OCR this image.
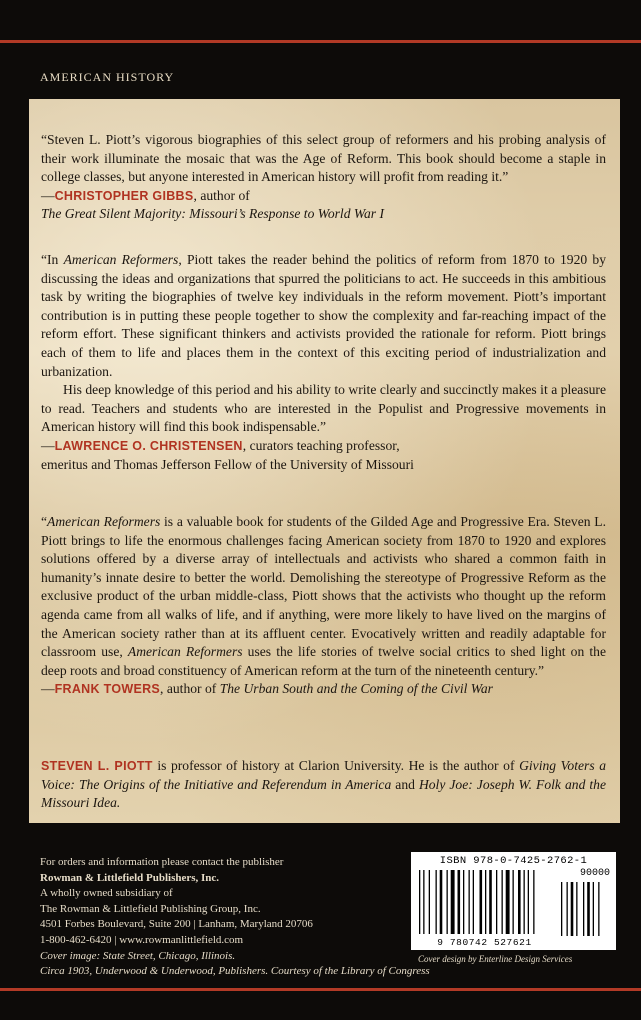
AMERICAN HISTORY

“Steven L. Piott’s vigorous biographies of this select group of reformers and his probing analysis of their work illuminate the mosaic that was the Age of Reform. This book should become a staple in college classes, but anyone interested in American history will profit from reading it.”

—CHRISTOPHER GIBBS, author of

The Great Silent Majority: Missouri’s Response to World War I

“In American Reformers, Piott takes the reader behind the politics of reform from 1870 to 1920 by discussing the ideas and organizations that spurred the politicians to act. He succeeds in this ambitious task by writing the biographies of twelve key individuals in the reform movement. Piott’s important contribution is in putting these people together to show the complexity and far-reaching impact of the reform effort. These significant thinkers and activists provided the rationale for reform. Piott brings each of them to life and places them in the context of this exciting period of industrialization and urbanization.

His deep knowledge of this period and his ability to write clearly and succinctly makes it a pleasure to read. Teachers and students who are interested in the Populist and Progressive movements in American history will find this book indispensable.”

—LAWRENCE O. CHRISTENSEN, curators teaching professor,

emeritus and Thomas Jefferson Fellow of the University of Missouri

“American Reformers is a valuable book for students of the Gilded Age and Progressive Era. Steven L. Piott brings to life the enormous challenges facing American society from 1870 to 1920 and explores solutions offered by a diverse array of intellectuals and activists who shared a common faith in humanity’s innate desire to better the world. Demolishing the stereotype of Progressive Reform as the exclusive product of the urban middle-class, Piott shows that the activists who thought up the reform agenda came from all walks of life, and if anything, were more likely to have lived on the margins of the American society rather than at its affluent center. Evocatively written and readily adaptable for classroom use, American Reformers uses the life stories of twelve social critics to shed light on the deep roots and broad constituency of American reform at the turn of the nineteenth century.”

—FRANK TOWERS, author of The Urban South and the Coming of the Civil War

STEVEN L. PIOTT is professor of history at Clarion University. He is the author of Giving Voters a Voice: The Origins of the Initiative and Referendum in America and Holy Joe: Joseph W. Folk and the Missouri Idea.

For orders and information please contact the publisher
Rowman & Littlefield Publishers, Inc.
A wholly owned subsidiary of
The Rowman & Littlefield Publishing Group, Inc.
4501 Forbes Boulevard, Suite 200 | Lanham, Maryland 20706
1-800-462-6420 | www.rowmanlittlefield.com
Cover image: State Street, Chicago, Illinois.
Circa 1903, Underwood & Underwood, Publishers. Courtesy of the Library of Congress
ISBN 978-0-7425-2762-1
90000
9 780742 527621
Cover design by Enterline Design Services
